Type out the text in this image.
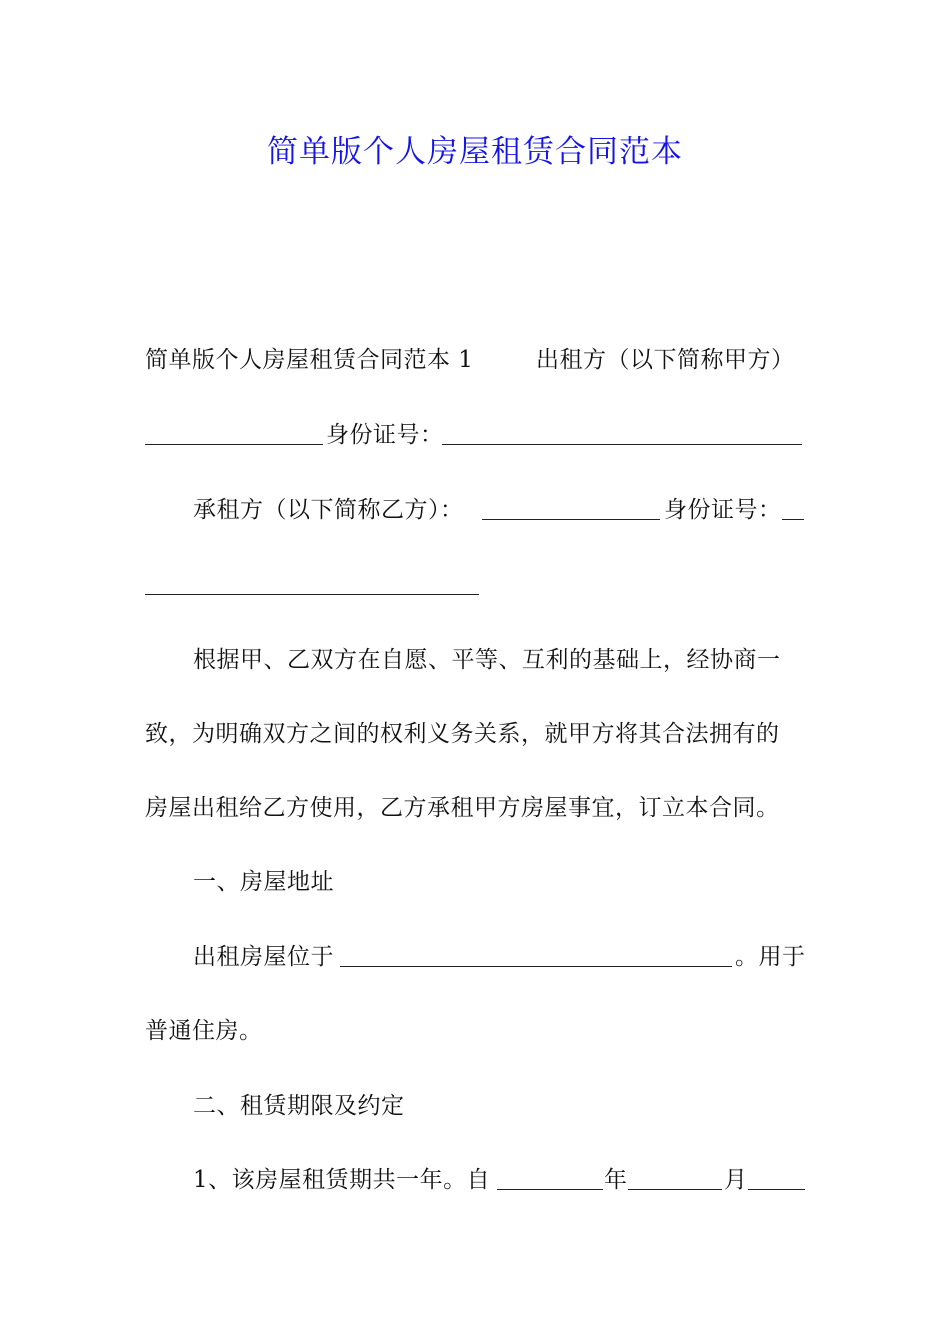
简单版个人房屋租赁合同范本
简单版个人房屋租赁合同范本 1	出租方（以下简称甲方）
身份证号：
承租方（以下简称乙方）：	身份证号：
根据甲、乙双方在自愿、平等、互利的基础上，经协商一
致，为明确双方之间的权利义务关系，就甲方将其合法拥有的
房屋出租给乙方使用，乙方承租甲方房屋事宜，订立本合同。
一、房屋地址
出租房屋位于	。用于
普通住房。
二、租赁期限及约定
1、该房屋租赁期共一年。自	年	月
